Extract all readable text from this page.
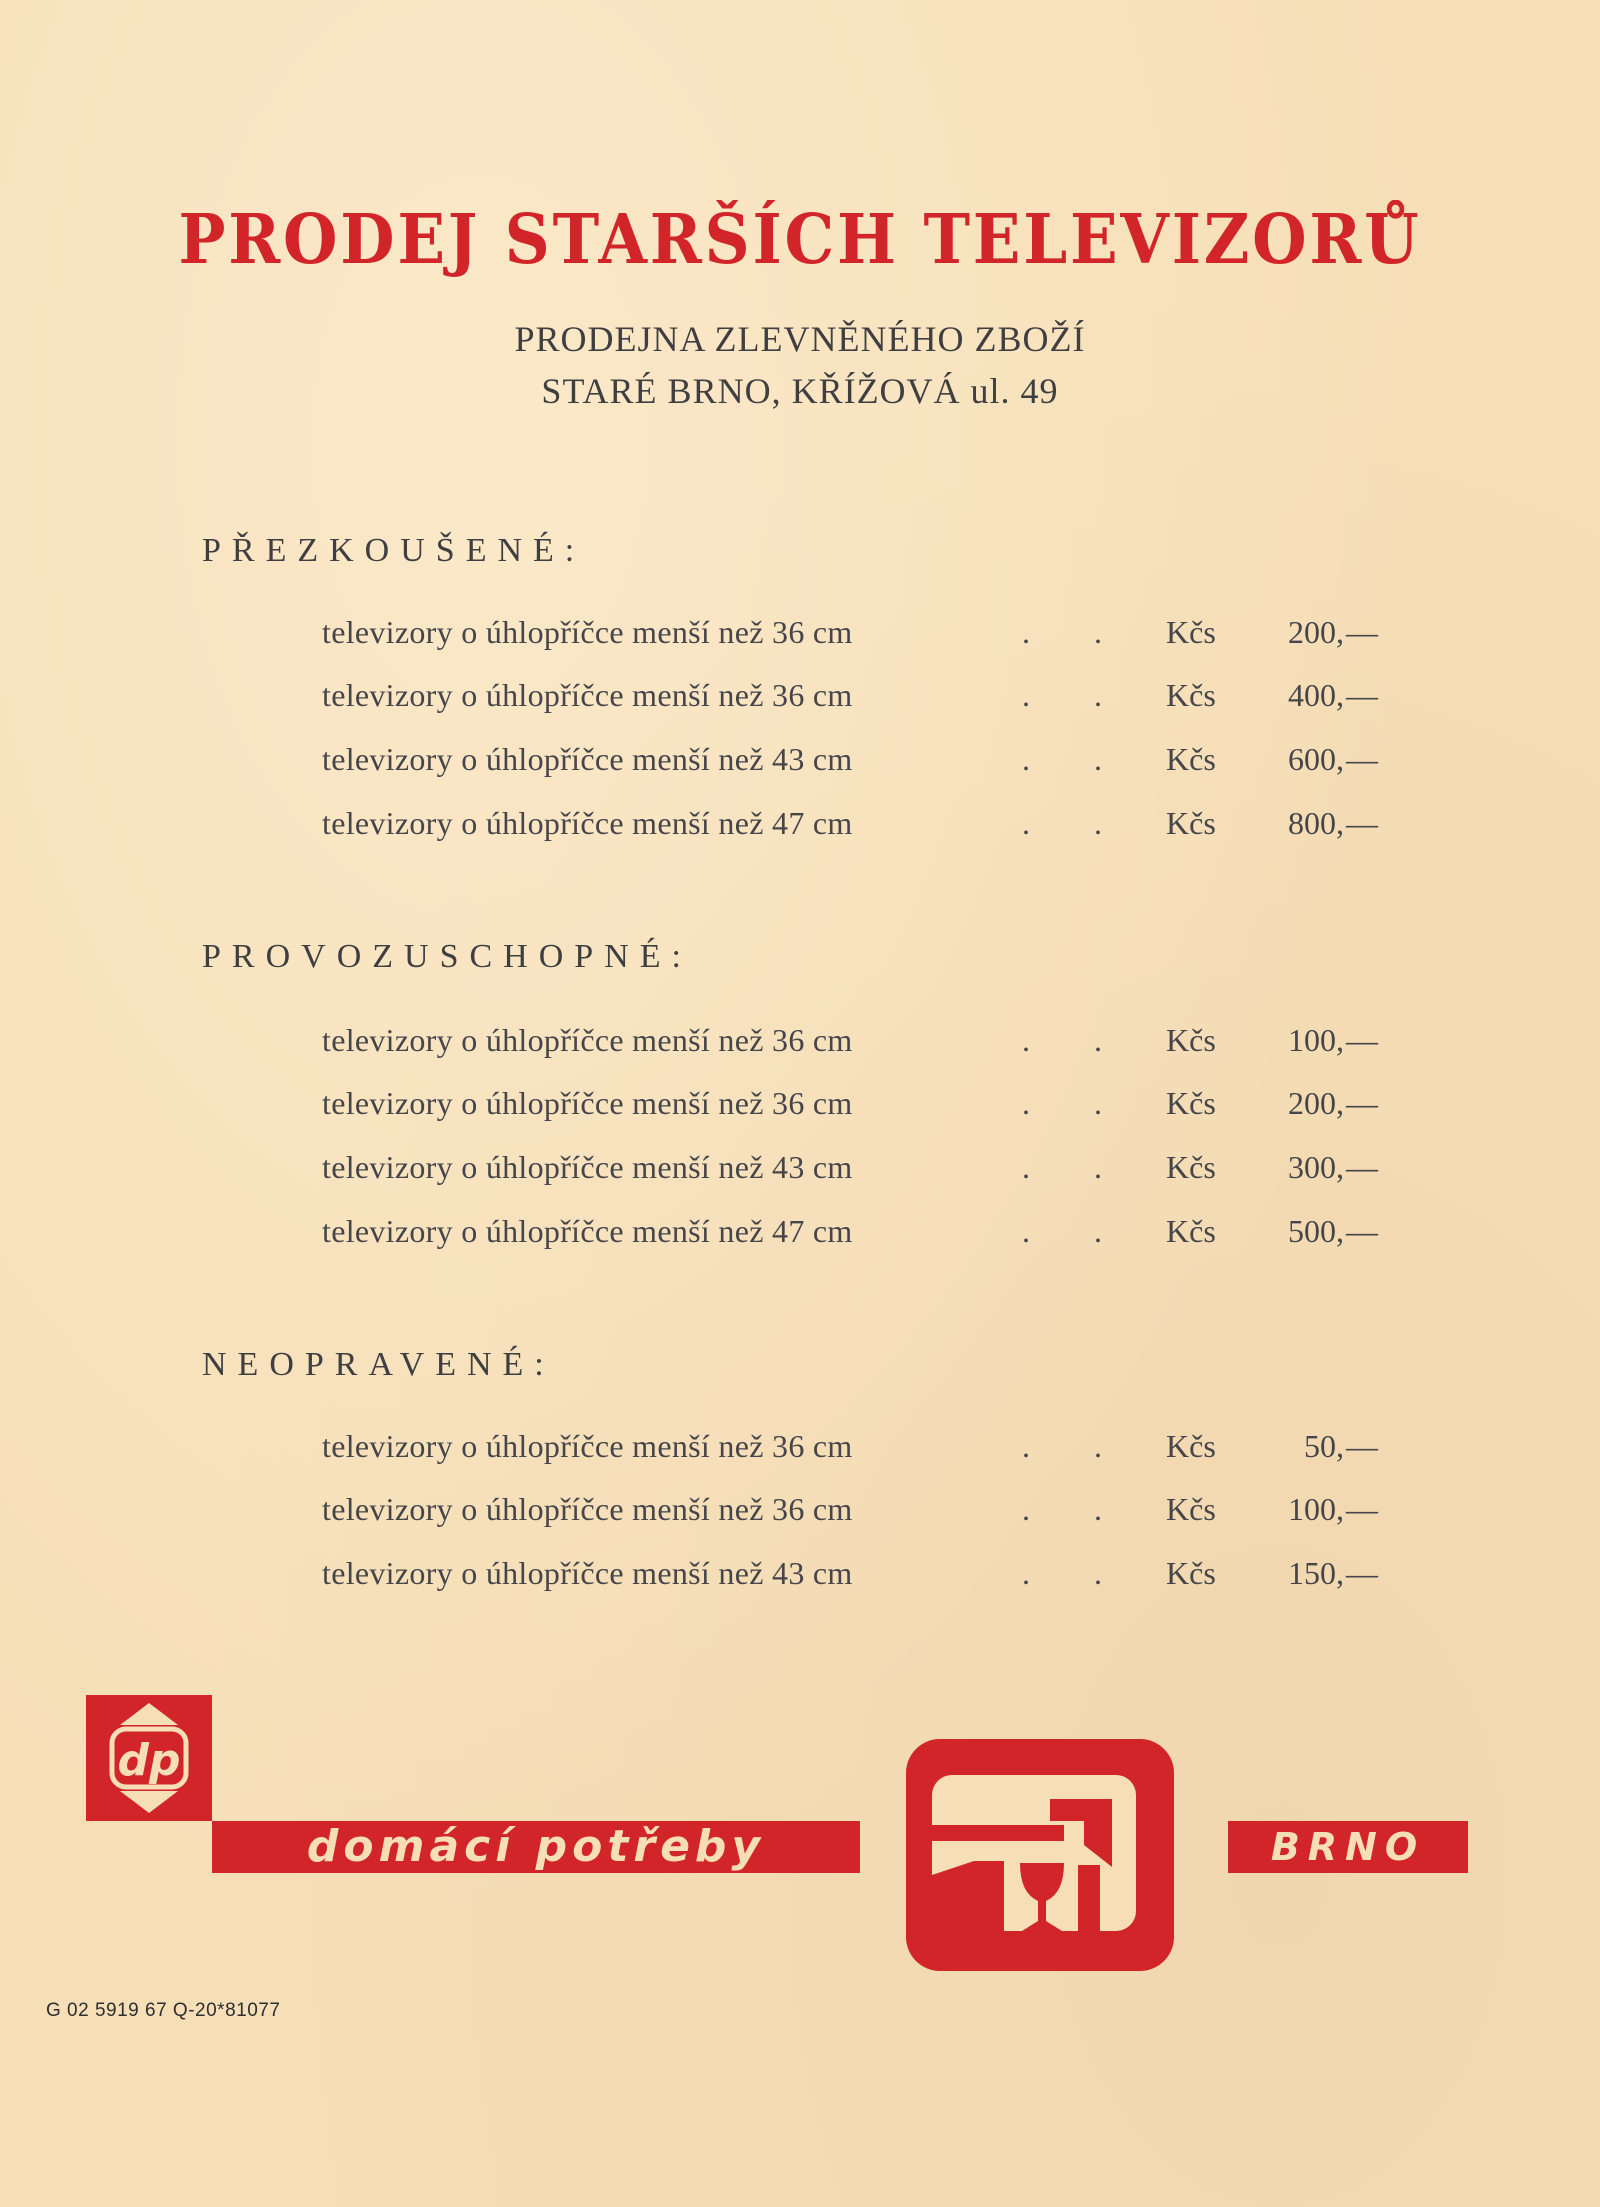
PRODEJ STARŠÍCH TELEVIZORŮ
PRODEJNA ZLEVNĚNÉHO ZBOŽÍ
STARÉ BRNO, KŘÍŽOVÁ ul. 49
PŘEZKOUŠENÉ:
televizory o úhlopříčce menší než 36 cm	. . Kčs	200, —
televizory o úhlopříčce menší než 36 cm	. . Kčs	400, —
televizory o úhlopříčce menší než 43 cm	. . Kčs	600, —
televizory o úhlopříčce menší než 47 cm	. . Kčs	800, —
PROVOZUSCHOPNÉ:
televizory o úhlopříčce menší než 36 cm	. . Kčs	100, —
televizory o úhlopříčce menší než 36 cm	. . Kčs	200, —
televizory o úhlopříčce menší než 43 cm	. . Kčs	300, —
televizory o úhlopříčce menší než 47 cm	. . Kčs	500, —
NEOPRAVENÉ:
televizory o úhlopříčce menší než 36 cm	. . Kčs	50, —
televizory o úhlopříčce menší než 36 cm	. . Kčs	100, —
televizory o úhlopříčce menší než 43 cm	. . Kčs	150, —
dp
domácí potřeby	BRNO
G 02 5919 67 Q-20*81077
